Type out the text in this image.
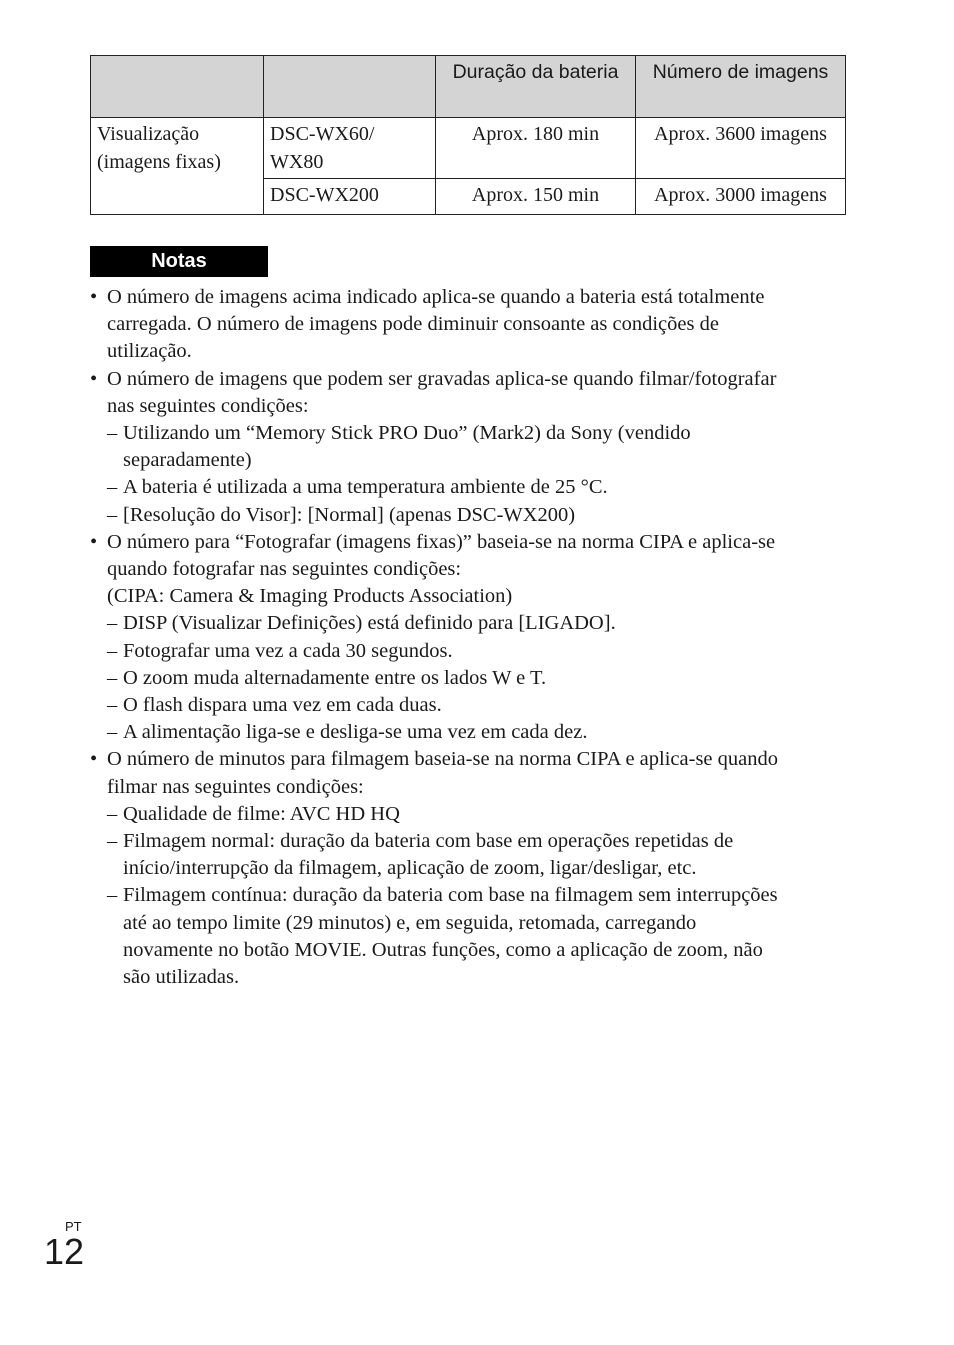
		Duração da bateria	Número de imagens
Visualização (imagens fixas)	DSC-WX60/ WX80	Aprox. 180 min	Aprox. 3600 imagens
	DSC-WX200	Aprox. 150 min	Aprox. 3000 imagens
Notas
• O número de imagens acima indicado aplica-se quando a bateria está totalmente
carregada. O número de imagens pode diminuir consoante as condições de
utilização.
• O número de imagens que podem ser gravadas aplica-se quando filmar/fotografar
nas seguintes condições:
– Utilizando um “Memory Stick PRO Duo” (Mark2) da Sony (vendido
separadamente)
– A bateria é utilizada a uma temperatura ambiente de 25 °C.
– [Resolução do Visor]: [Normal] (apenas DSC-WX200)
• O número para “Fotografar (imagens fixas)” baseia-se na norma CIPA e aplica-se
quando fotografar nas seguintes condições:
(CIPA: Camera & Imaging Products Association)
– DISP (Visualizar Definições) está definido para [LIGADO].
– Fotografar uma vez a cada 30 segundos.
– O zoom muda alternadamente entre os lados W e T.
– O flash dispara uma vez em cada duas.
– A alimentação liga-se e desliga-se uma vez em cada dez.
• O número de minutos para filmagem baseia-se na norma CIPA e aplica-se quando
filmar nas seguintes condições:
– Qualidade de filme: AVC HD HQ
– Filmagem normal: duração da bateria com base em operações repetidas de
início/interrupção da filmagem, aplicação de zoom, ligar/desligar, etc.
– Filmagem contínua: duração da bateria com base na filmagem sem interrupções
até ao tempo limite (29 minutos) e, em seguida, retomada, carregando
novamente no botão MOVIE. Outras funções, como a aplicação de zoom, não
são utilizadas.
PT
12
